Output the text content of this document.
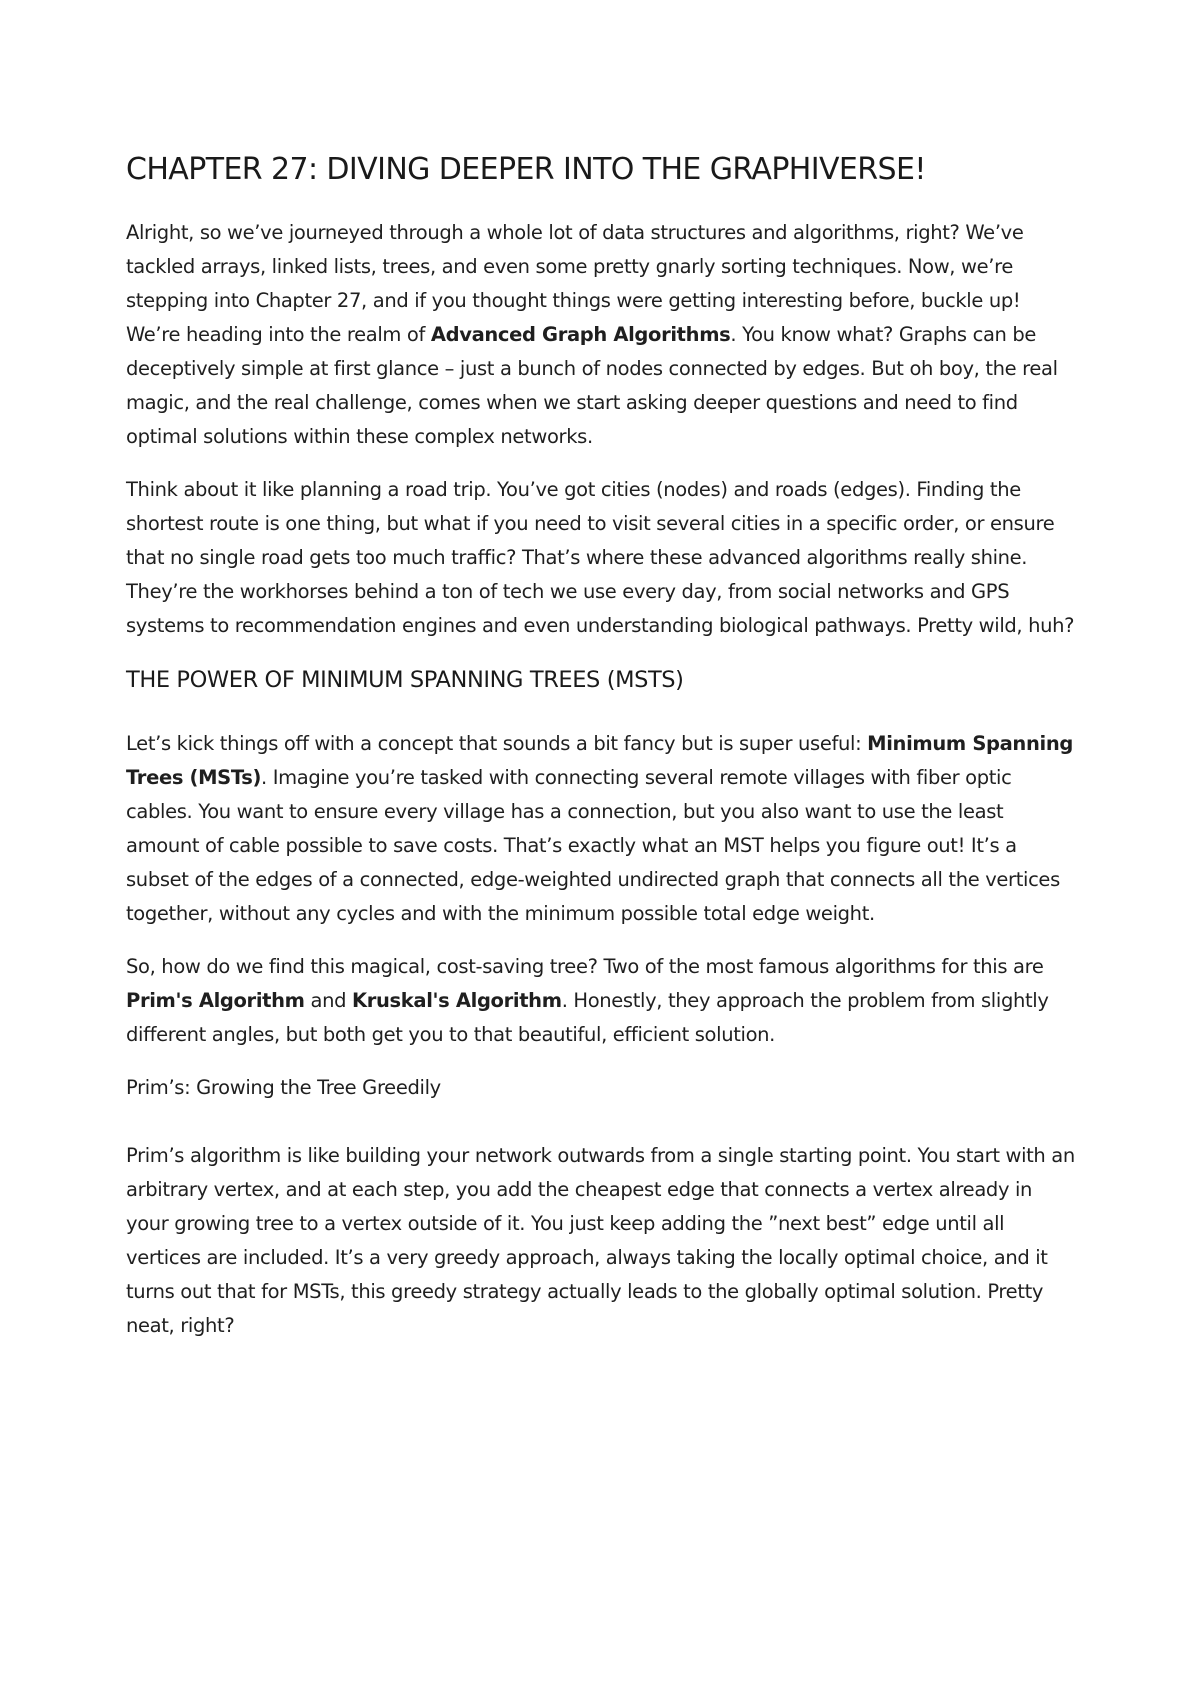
CHAPTER 27: DIVING DEEPER INTO THE GRAPHIVERSE!

Alright, so we’ve journeyed through a whole lot of data structures and algorithms, right? We’ve tackled arrays, linked lists, trees, and even some pretty gnarly sorting techniques. Now, we’re stepping into Chapter 27, and if you thought things were getting interesting before, buckle up! We’re heading into the realm of Advanced Graph Algorithms. You know what? Graphs can be deceptively simple at first glance – just a bunch of nodes connected by edges. But oh boy, the real magic, and the real challenge, comes when we start asking deeper questions and need to find optimal solutions within these complex networks.

Think about it like planning a road trip. You’ve got cities (nodes) and roads (edges). Finding the shortest route is one thing, but what if you need to visit several cities in a specific order, or ensure that no single road gets too much traffic? That’s where these advanced algorithms really shine. They’re the workhorses behind a ton of tech we use every day, from social networks and GPS systems to recommendation engines and even understanding biological pathways. Pretty wild, huh?

THE POWER OF MINIMUM SPANNING TREES (MSTS)

Let’s kick things off with a concept that sounds a bit fancy but is super useful: Minimum Spanning Trees (MSTs). Imagine you’re tasked with connecting several remote villages with fiber optic cables. You want to ensure every village has a connection, but you also want to use the least amount of cable possible to save costs. That’s exactly what an MST helps you figure out! It’s a subset of the edges of a connected, edge-weighted undirected graph that connects all the vertices together, without any cycles and with the minimum possible total edge weight.

So, how do we find this magical, cost-saving tree? Two of the most famous algorithms for this are Prim's Algorithm and Kruskal's Algorithm. Honestly, they approach the problem from slightly different angles, but both get you to that beautiful, efficient solution.

Prim’s: Growing the Tree Greedily

Prim’s algorithm is like building your network outwards from a single starting point. You start with an arbitrary vertex, and at each step, you add the cheapest edge that connects a vertex already in your growing tree to a vertex outside of it. You just keep adding the ”next best” edge until all vertices are included. It’s a very greedy approach, always taking the locally optimal choice, and it turns out that for MSTs, this greedy strategy actually leads to the globally optimal solution. Pretty neat, right?
